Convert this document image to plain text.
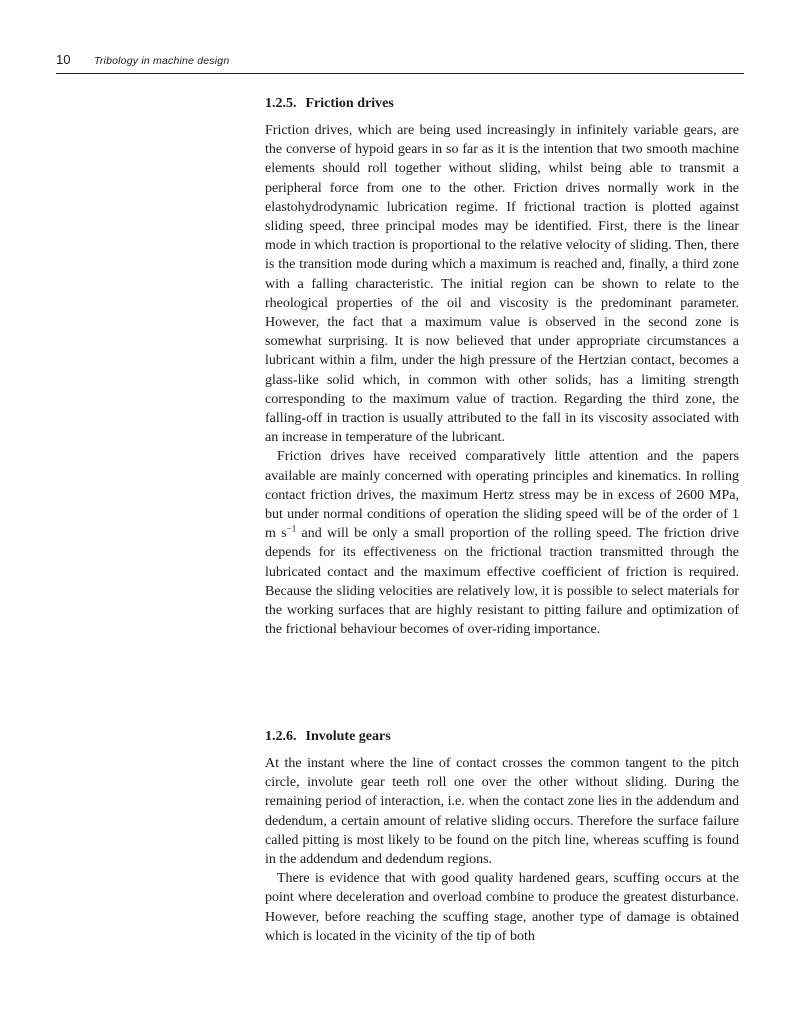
10 Tribology in machine design
1.2.5. Friction drives

Friction drives, which are being used increasingly in infinitely variable gears, are the converse of hypoid gears in so far as it is the intention that two smooth machine elements should roll together without sliding, whilst being able to transmit a peripheral force from one to the other. Friction drives normally work in the elastohydrodynamic lubrication regime. If frictional traction is plotted against sliding speed, three principal modes may be identified. First, there is the linear mode in which traction is proportional to the relative velocity of sliding. Then, there is the transition mode during which a maximum is reached and, finally, a third zone with a falling characteristic. The initial region can be shown to relate to the rheological properties of the oil and viscosity is the predominant parameter. However, the fact that a maximum value is observed in the second zone is somewhat surprising. It is now believed that under appropriate circumstances a lubricant within a film, under the high pressure of the Hertzian contact, becomes a glass-like solid which, in common with other solids, has a limiting strength corresponding to the maximum value of traction. Regarding the third zone, the falling-off in traction is usually attributed to the fall in its viscosity associated with an increase in temperature of the lubricant.

Friction drives have received comparatively little attention and the papers available are mainly concerned with operating principles and kinematics. In rolling contact friction drives, the maximum Hertz stress may be in excess of 2600 MPa, but under normal conditions of operation the sliding speed will be of the order of 1 m $s^{-1}$ and will be only a small proportion of the rolling speed. The friction drive depends for its effectiveness on the frictional traction transmitted through the lubricated contact and the maximum effective coefficient of friction is required. Because the sliding velocities are relatively low, it is possible to select materials for the working surfaces that are highly resistant to pitting failure and optimization of the frictional behaviour becomes of over-riding importance.

1.2.6. Involute gears

At the instant where the line of contact crosses the common tangent to the pitch circle, involute gear teeth roll one over the other without sliding. During the remaining period of interaction, i.e. when the contact zone lies in the addendum and dedendum, a certain amount of relative sliding occurs. Therefore the surface failure called pitting is most likely to be found on the pitch line, whereas scuffing is found in the addendum and dedendum regions.

There is evidence that with good quality hardened gears, scuffing occurs at the point where deceleration and overload combine to produce the greatest disturbance. However, before reaching the scuffing stage, another type of damage is obtained which is located in the vicinity of the tip of both
